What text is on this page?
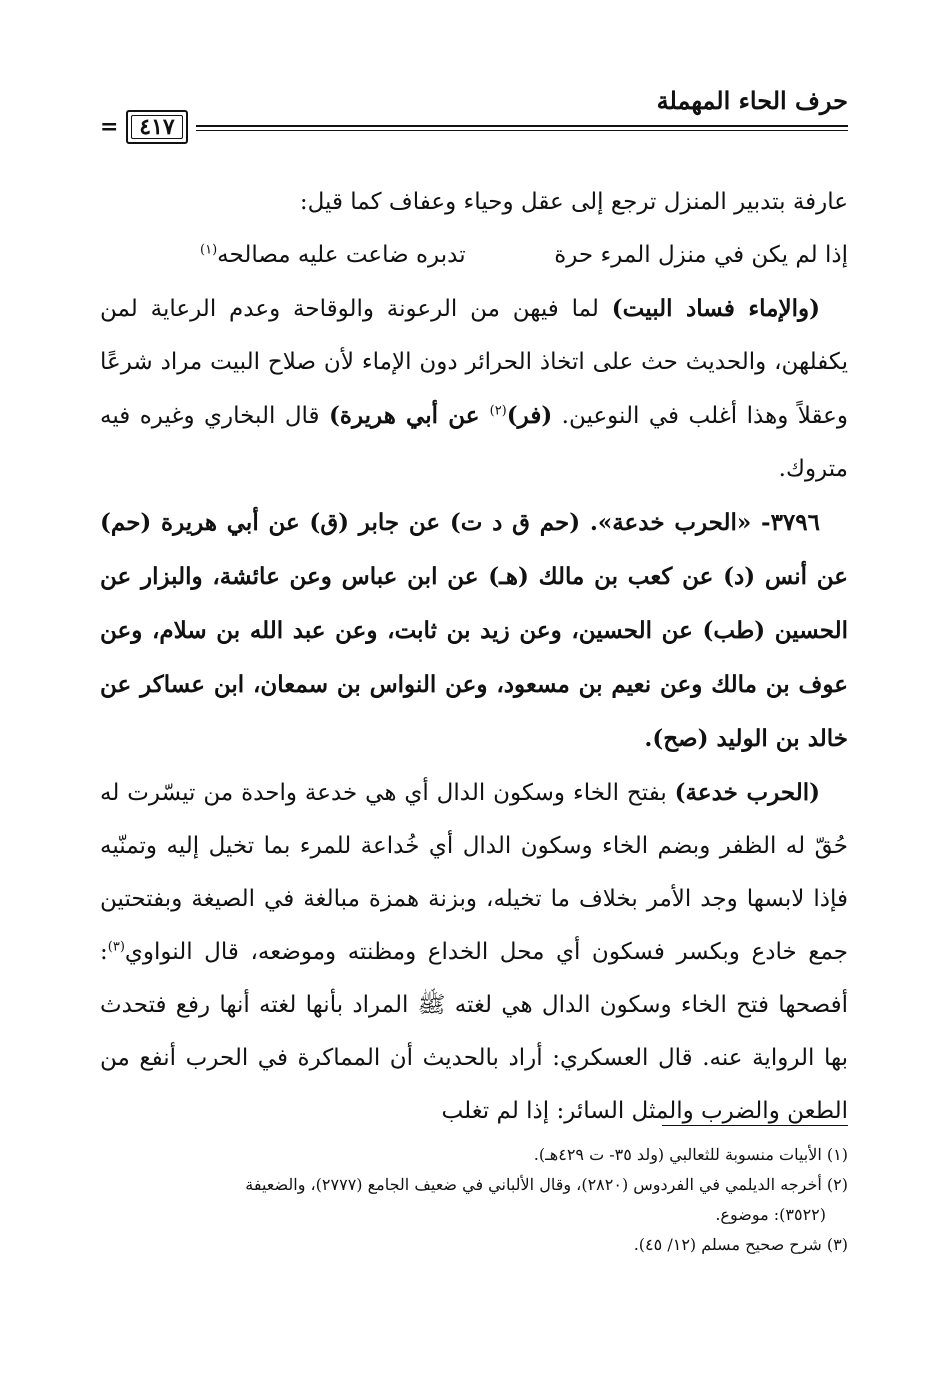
حرف الحاء المهملة
= ٤١٧

عارفة بتدبير المنزل ترجع إلى عقل وحياء وعفاف كما قيل:

إذا لم يكن في منزل المرء حرة
تدبره ضاعت عليه مصالحه$^{(١)}$

(والإماء فساد البيت) لما فيهن من الرعونة والوقاحة وعدم الرعاية لمن يكفلهن، والحديث حث على اتخاذ الحرائر دون الإماء لأن صلاح البيت مراد شرعًا وعقلاً وهذا أغلب في النوعين. (فر)$^{(٢)}$ عن أبي هريرة) قال البخاري وغيره فيه متروك.

٣٧٩٦- «الحرب خدعة». (حم ق د ت) عن جابر (ق) عن أبي هريرة (حم) عن أنس (د) عن كعب بن مالك (هـ) عن ابن عباس وعن عائشة، والبزار عن الحسين (طب) عن الحسين، وعن زيد بن ثابت، وعن عبد الله بن سلام، وعن عوف بن مالك وعن نعيم بن مسعود، وعن النواس بن سمعان، ابن عساكر عن خالد بن الوليد (صح).

(الحرب خدعة) بفتح الخاء وسكون الدال أي هي خدعة واحدة من تيسّرت له حُقّ له الظفر وبضم الخاء وسكون الدال أي خُداعة للمرء بما تخيل إليه وتمنّيه فإذا لابسها وجد الأمر بخلاف ما تخيله، وبزنة همزة مبالغة في الصيغة وبفتحتين جمع خادع وبكسر فسكون أي محل الخداع ومظنته وموضعه، قال النواوي$^{(٣)}$: أفصحها فتح الخاء وسكون الدال هي لغته ﷺ المراد بأنها لغته أنها رفع فتحدث بها الرواية عنه. قال العسكري: أراد بالحديث أن المماكرة في الحرب أنفع من الطعن والضرب والمثل السائر: إذا لم تغلب

(١) الأبيات منسوبة للثعالبي (ولد ٣٥- ت ٤٢٩هـ).

(٢) أخرجه الديلمي في الفردوس (٢٨٢٠)، وقال الألباني في ضعيف الجامع (٢٧٧٧)، والضعيفة

(٣٥٢٢): موضوع.

(٣) شرح صحيح مسلم (١٢/ ٤٥).
